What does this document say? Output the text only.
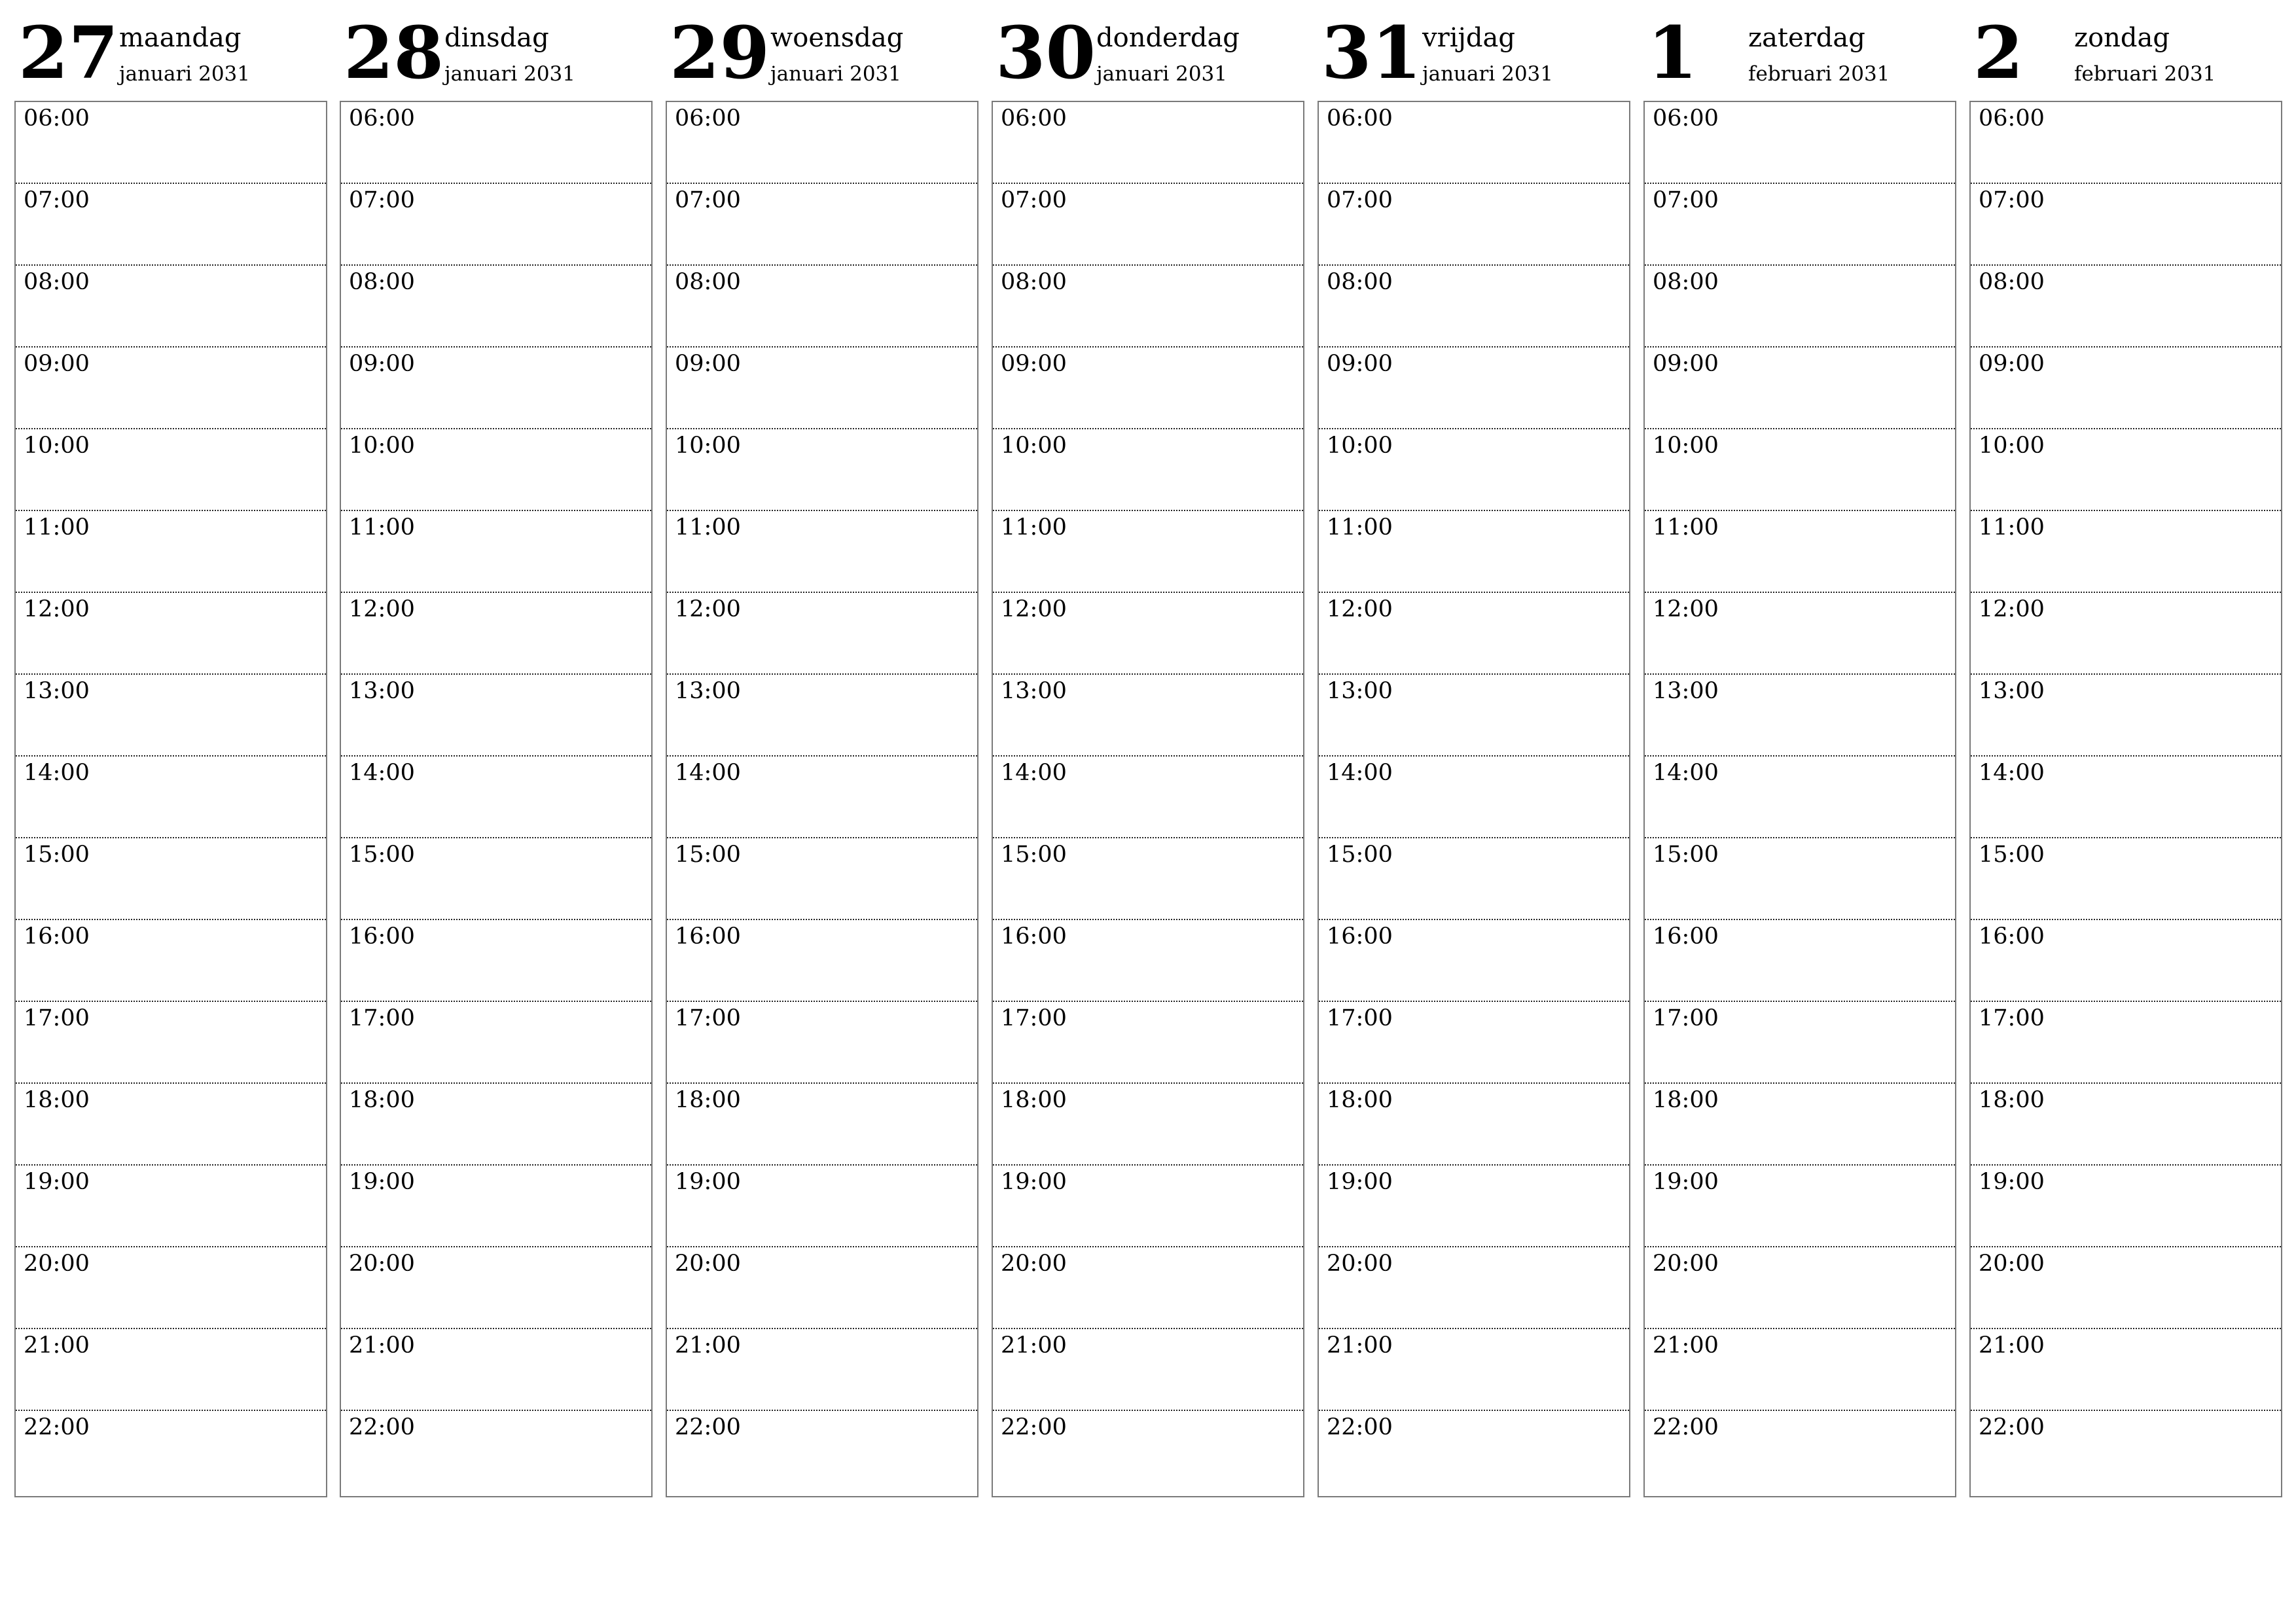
27 maandag
januari 2031
06:00
07:00
08:00
09:00
10:00
11:00
12:00
13:00
14:00
15:00
16:00
17:00
18:00
19:00
20:00
21:00
22:00
28 dinsdag
januari 2031
06:00
07:00
08:00
09:00
10:00
11:00
12:00
13:00
14:00
15:00
16:00
17:00
18:00
19:00
20:00
21:00
22:00
29 woensdag
januari 2031
06:00
07:00
08:00
09:00
10:00
11:00
12:00
13:00
14:00
15:00
16:00
17:00
18:00
19:00
20:00
21:00
22:00
30 donderdag
januari 2031
06:00
07:00
08:00
09:00
10:00
11:00
12:00
13:00
14:00
15:00
16:00
17:00
18:00
19:00
20:00
21:00
22:00
31 vrijdag
januari 2031
06:00
07:00
08:00
09:00
10:00
11:00
12:00
13:00
14:00
15:00
16:00
17:00
18:00
19:00
20:00
21:00
22:00
1 zaterdag
februari 2031
06:00
07:00
08:00
09:00
10:00
11:00
12:00
13:00
14:00
15:00
16:00
17:00
18:00
19:00
20:00
21:00
22:00
2 zondag
februari 2031
06:00
07:00
08:00
09:00
10:00
11:00
12:00
13:00
14:00
15:00
16:00
17:00
18:00
19:00
20:00
21:00
22:00
